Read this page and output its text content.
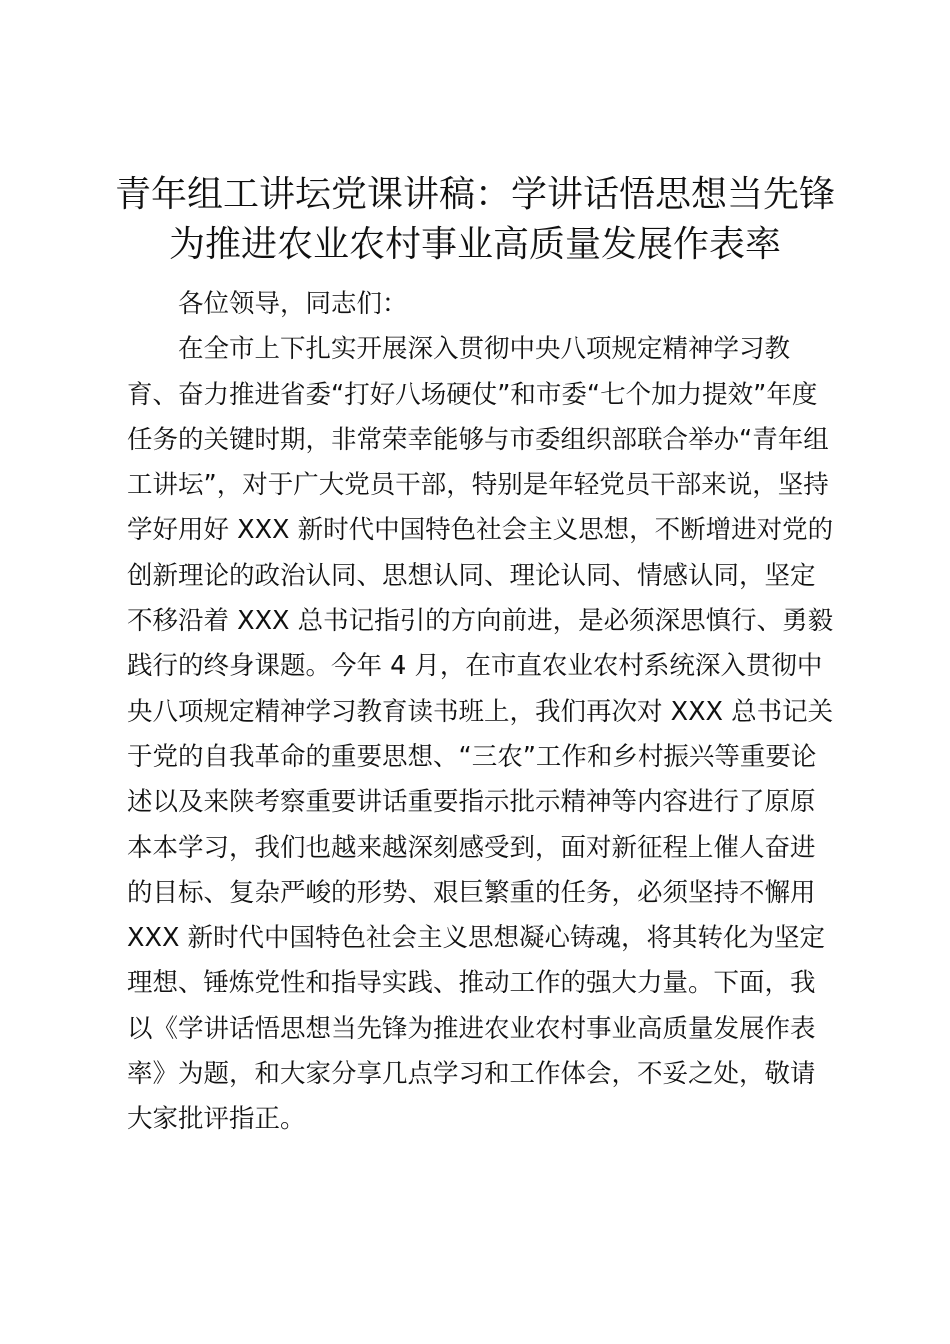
青年组工讲坛党课讲稿：学讲话悟思想当先锋
为推进农业农村事业高质量发展作表率
各位领导，同志们：
在全市上下扎实开展深入贯彻中央八项规定精神学习教
育、奋力推进省委“打好八场硬仗”和市委“七个加力提效”年度
任务的关键时期，非常荣幸能够与市委组织部联合举办“青年组
工讲坛”，对于广大党员干部，特别是年轻党员干部来说，坚持
学好用好 XXX 新时代中国特色社会主义思想，不断增进对党的
创新理论的政治认同、思想认同、理论认同、情感认同，坚定
不移沿着 XXX 总书记指引的方向前进，是必须深思慎行、勇毅
践行的终身课题。今年 4 月，在市直农业农村系统深入贯彻中
央八项规定精神学习教育读书班上，我们再次对 XXX 总书记关
于党的自我革命的重要思想、“三农”工作和乡村振兴等重要论
述以及来陕考察重要讲话重要指示批示精神等内容进行了原原
本本学习，我们也越来越深刻感受到，面对新征程上催人奋进
的目标、复杂严峻的形势、艰巨繁重的任务，必须坚持不懈用
XXX 新时代中国特色社会主义思想凝心铸魂，将其转化为坚定
理想、锤炼党性和指导实践、推动工作的强大力量。下面，我
以《学讲话悟思想当先锋为推进农业农村事业高质量发展作表
率》为题，和大家分享几点学习和工作体会，不妥之处，敬请
大家批评指正。
